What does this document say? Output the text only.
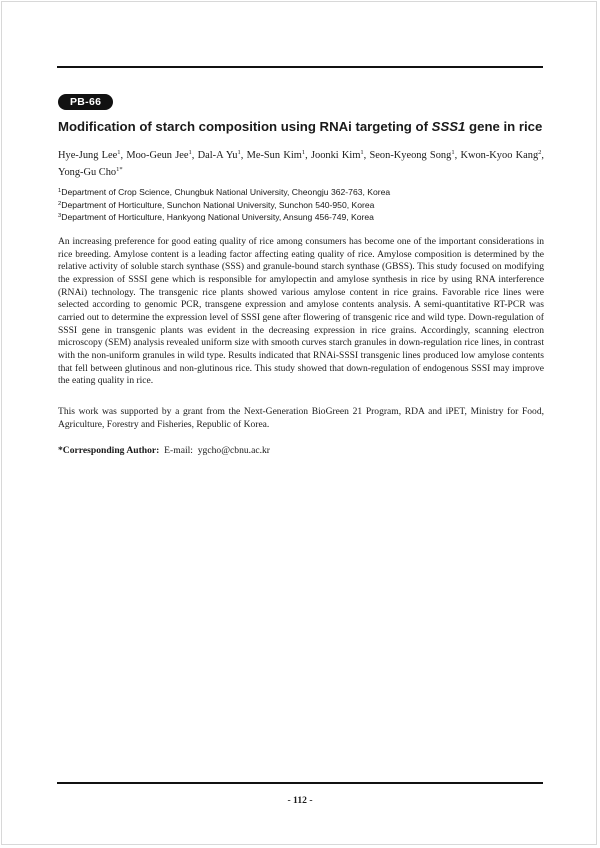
PB-66
Modification of starch composition using RNAi targeting of SSS1 gene in rice

Hye-Jung Lee$^1$, Moo-Geun Jee$^1$, Dal-A Yu$^1$, Me-Sun Kim$^1$, Joonki Kim$^1$, Seon-Kyeong Song$^1$, Kwon-Kyoo Kang$^2$,

Yong-Gu Cho$^{1*}$
$^1$Department of Crop Science, Chungbuk National University, Cheongju 362-763, Korea
$^2$Department of Horticulture, Sunchon National University, Sunchon 540-950, Korea
$^3$Department of Horticulture, Hankyong National University, Ansung 456-749, Korea

An increasing preference for good eating quality of rice among consumers has become one of the important considerations in rice breeding. Amylose content is a leading factor affecting eating quality of rice. Amylose composition is determined by the relative activity of soluble starch synthase (SSS) and granule-bound starch synthase (GBSS). This study focused on modifying the expression of SSSI gene which is responsible for amylopectin and amylose synthesis in rice by using RNA interference (RNAi) technology. The transgenic rice plants showed various amylose content in rice grains. Favorable rice lines were selected according to genomic PCR, transgene expression and amylose contents analysis. A semi-quantitative RT-PCR was carried out to determine the expression level of SSSI gene after flowering of transgenic rice and wild type. Down-regulation of SSSI gene in transgenic plants was evident in the decreasing expression in rice grains. Accordingly, scanning electron microscopy (SEM) analysis revealed uniform size with smooth curves starch granules in down-regulation rice lines, in contrast with the non-uniform granules in wild type. Results indicated that RNAi-SSSI transgenic lines produced low amylose contents that fell between glutinous and non-glutinous rice. This study showed that down-regulation of endogenous SSSI may improve the eating quality in rice.

This work was supported by a grant from the Next-Generation BioGreen 21 Program, RDA and iPET, Ministry for Food, Agriculture, Forestry and Fisheries, Republic of Korea.

*Corresponding Author: E-mail: ygcho@cbnu.ac.kr

- 112 -
